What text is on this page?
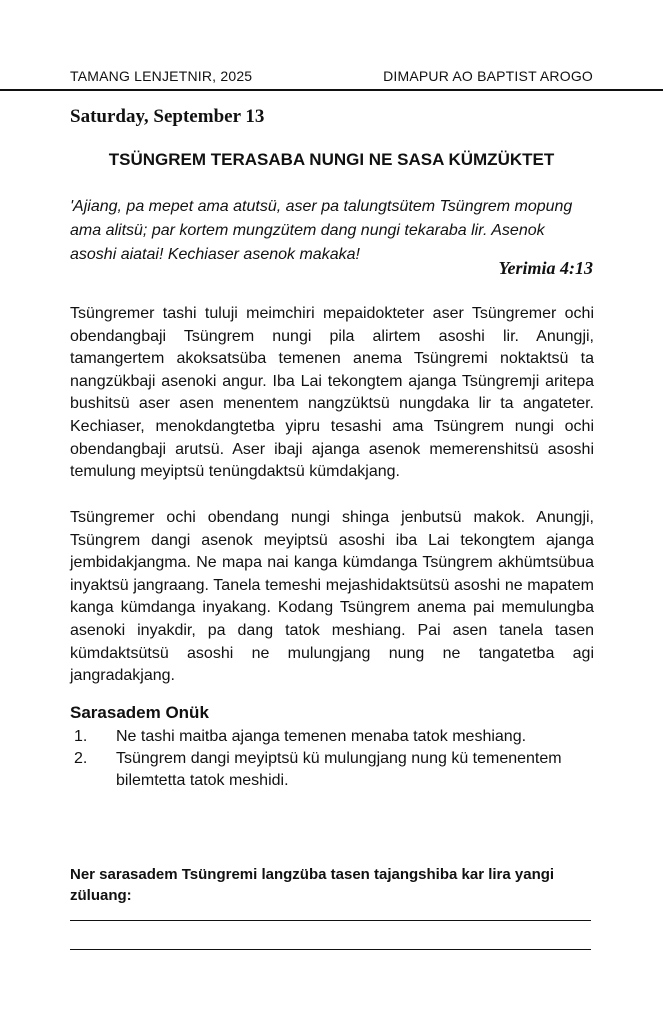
TAMANG LENJETNIR, 2025	DIMAPUR AO BAPTIST AROGO
Saturday, September 13
TSÜNGREM TERASABA NUNGI NE SASA KÜMZÜKTET

'Ajiang, pa mepet ama atutsü, aser pa talungtsütem Tsüngrem mopung ama alitsü; par kortem mungzütem dang nungi tekaraba lir. Asenok asoshi aiatai! Kechiaser asenok makaka!

Yerimia 4:13

Tsüngremer tashi tuluji meimchiri mepaidokteter aser Tsüngremer ochi obendangbaji Tsüngrem nungi pila alirtem asoshi lir. Anungji, tamangertem akoksatsüba temenen anema Tsüngremi noktaktsü ta nangzükbaji asenoki angur. Iba Lai tekongtem ajanga Tsüngremji aritepa bushitsü aser asen menentem nangzüktsü nungdaka lir ta angateter. Kechiaser, menokdangtetba yipru tesashi ama Tsüngrem nungi ochi obendangbaji arutsü. Aser ibaji ajanga asenok memerenshitsü asoshi temulung meyiptsü tenüngdaktsü kümdakjang.

Tsüngremer ochi obendang nungi shinga jenbutsü makok. Anungji, Tsüngrem dangi asenok meyiptsü asoshi iba Lai tekongtem ajanga jembidakjangma. Ne mapa nai kanga kümdanga Tsüngrem akhümtsübua inyaktsü jangraang. Tanela temeshi mejashidaktsütsü asoshi ne mapatem kanga kümdanga inyakang. Kodang Tsüngrem anema pai memulungba asenoki inyakdir, pa dang tatok meshiang. Pai asen tanela tasen kümdaktsütsü asoshi ne mulungjang nung ne tangatetba agi jangradakjang.

Sarasadem Onük
1. Ne tashi maitba ajanga temenen menaba tatok meshiang.
2. Tsüngrem dangi meyiptsü kü mulungjang nung kü temenentem bilemtetta tatok meshidi.

Ner sarasadem Tsüngremi langzüba tasen tajangshiba kar lira yangi züluang:
